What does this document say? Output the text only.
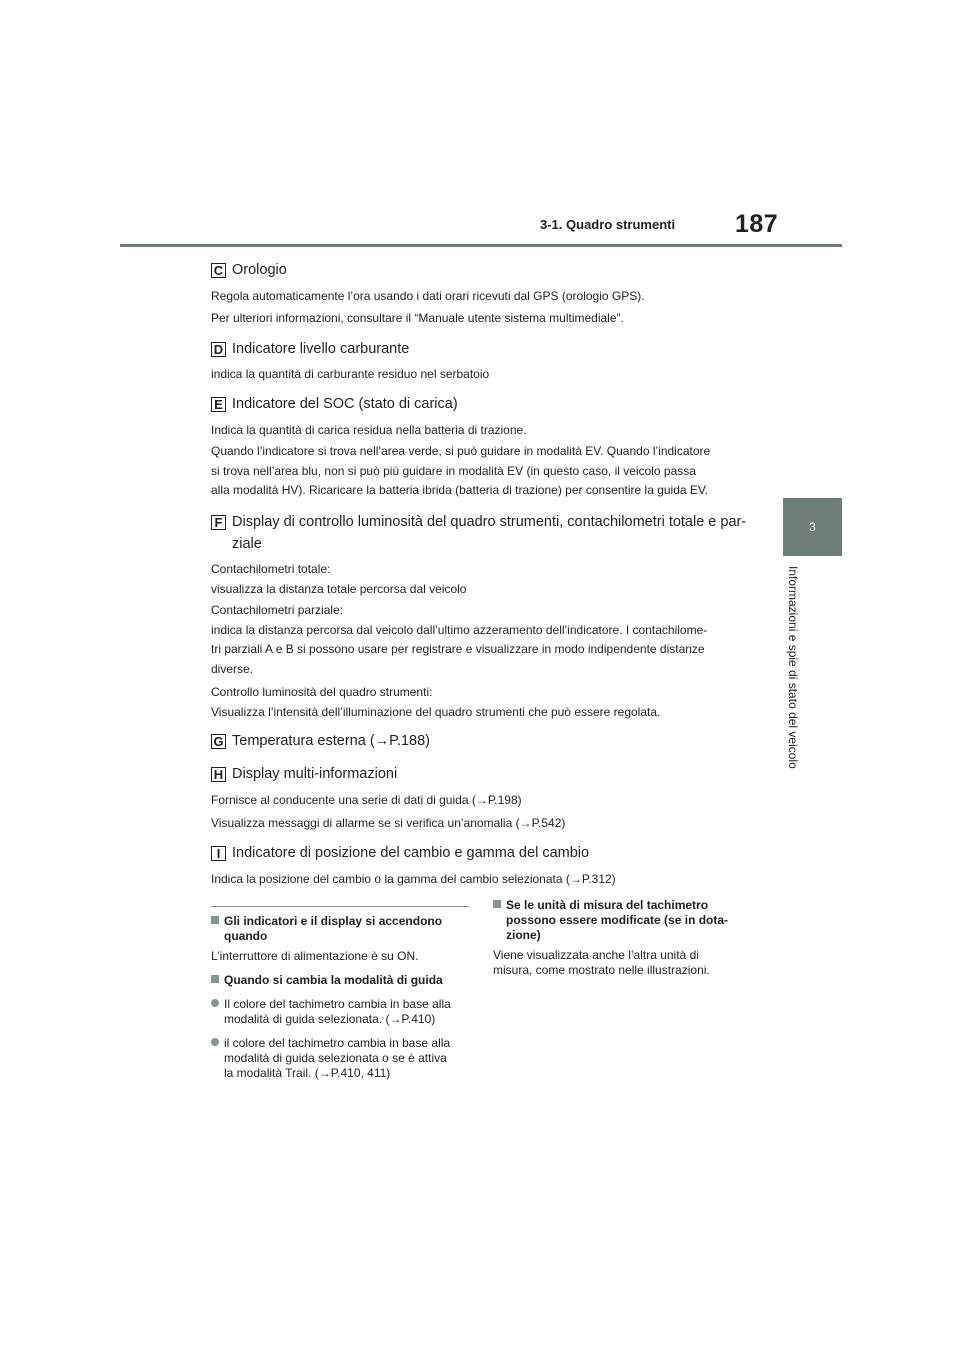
3-1. Quadro strumenti 187
3
Informazioni e spie di stato del veicolo
C Orologio
Regola automaticamente l’ora usando i dati orari ricevuti dal GPS (orologio GPS).
Per ulteriori informazioni, consultare il “Manuale utente sistema multimediale”.
D Indicatore livello carburante
indica la quantità di carburante residuo nel serbatoio
E Indicatore del SOC (stato di carica)
Indica la quantità di carica residua nella batteria di trazione.
Quando l’indicatore si trova nell’area verde, si può guidare in modalità EV. Quando l’indicatore
si trova nell’area blu, non si può più guidare in modalità EV (in questo caso, il veicolo passa
alla modalità HV). Ricaricare la batteria ibrida (batteria di trazione) per consentire la guida EV.
F Display di controllo luminosità del quadro strumenti, contachilometri totale e par-
ziale
Contachilometri totale:
visualizza la distanza totale percorsa dal veicolo
Contachilometri parziale:
indica la distanza percorsa dal veicolo dall’ultimo azzeramento dell’indicatore. I contachilome-
tri parziali A e B si possono usare per registrare e visualizzare in modo indipendente distanze
diverse.
Controllo luminosità del quadro strumenti:
Visualizza l’intensità dell’illuminazione del quadro strumenti che può essere regolata.
G Temperatura esterna (→P.188)
H Display multi-informazioni
Fornisce al conducente una serie di dati di guida (→P.198)
Visualizza messaggi di allarme se si verifica un’anomalia (→P.542)
I Indicatore di posizione del cambio e gamma del cambio
Indica la posizione del cambio o la gamma del cambio selezionata (→P.312)
Gli indicatori e il display si accendono
quando
L’interruttore di alimentazione è su ON.
Quando si cambia la modalità di guida
Il colore del tachimetro cambia in base alla
modalità di guida selezionata. (→P.410)
il colore del tachimetro cambia in base alla
modalità di guida selezionata o se è attiva
la modalità Trail. (→P.410, 411)
Se le unità di misura del tachimetro
possono essere modificate (se in dota-
zione)
Viene visualizzata anche l’altra unità di
misura, come mostrato nelle illustrazioni.
